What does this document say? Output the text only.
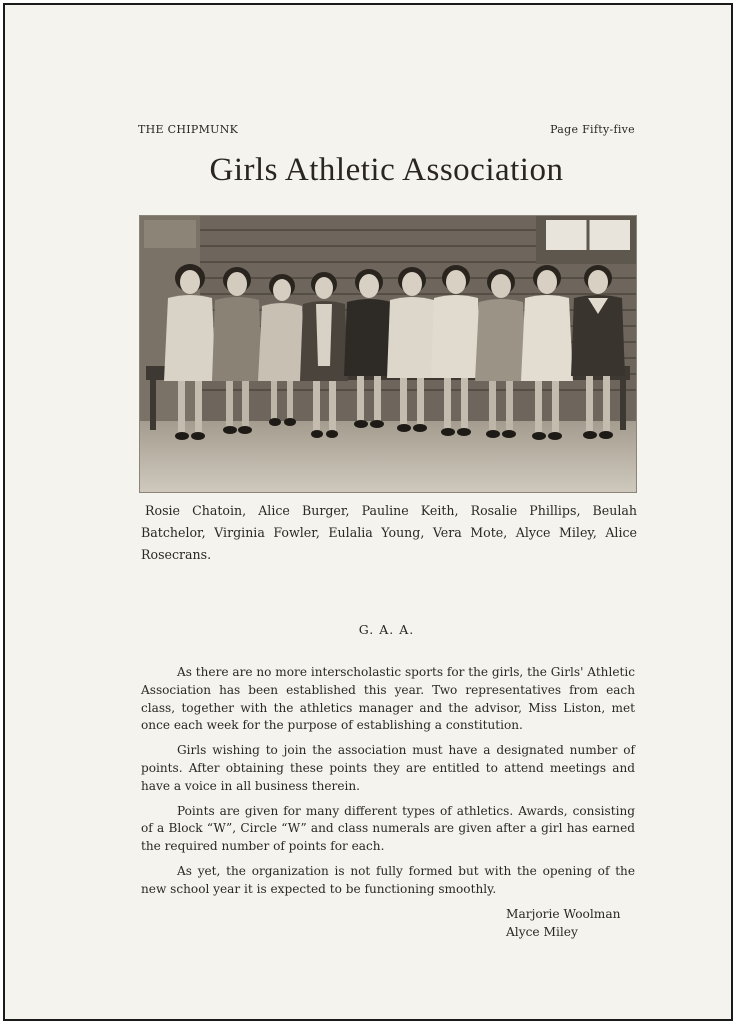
THE CHIPMUNK	Page Fifty-five
Girls Athletic Association
Rosie Chatoin, Alice Burger, Pauline Keith, Rosalie Phillips, Beulah Batchelor, Virginia Fowler, Eulalia Young, Vera Mote, Alyce Miley, Alice Rosecrans.
G. A. A.

As there are no more interscholastic sports for the girls, the Girls' Athletic Association has been established this year. Two representatives from each class, together with the athletics manager and the advisor, Miss Liston, met once each week for the purpose of establishing a constitution.

Girls wishing to join the association must have a designated number of points. After obtaining these points they are entitled to attend meetings and have a voice in all business therein.

Points are given for many different types of athletics. Awards, consisting of a Block “W”, Circle “W” and class numerals are given after a girl has earned the required number of points for each.

As yet, the organization is not fully formed but with the opening of the new school year it is expected to be functioning smoothly.

Marjorie Woolman
Alyce Miley
